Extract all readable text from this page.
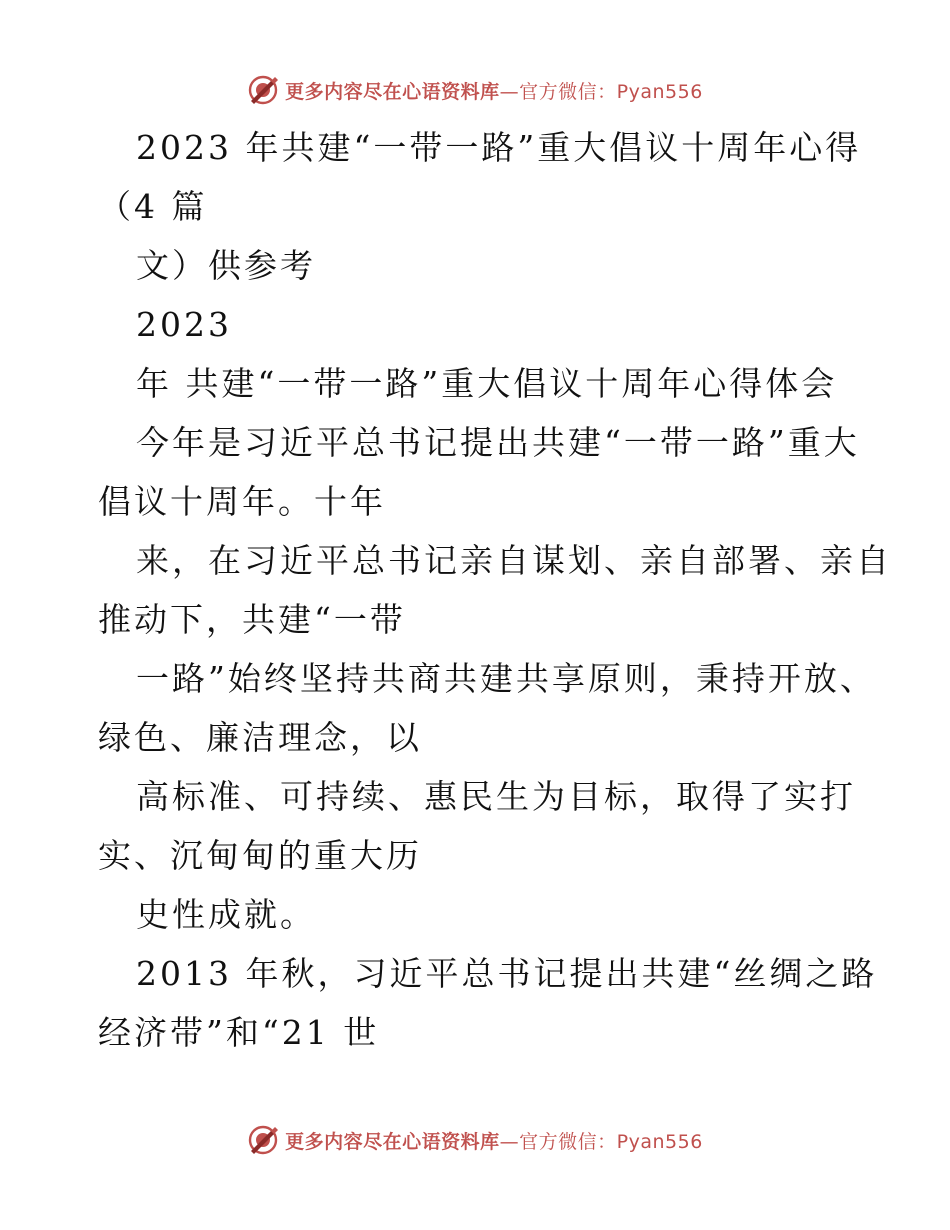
更多内容尽在心语资料库—官方微信：Pyan556
2023 年共建“一带一路”重大倡议十周年心得
（4 篇
文）供参考
2023
年 共建“一带一路”重大倡议十周年心得体会
今年是习近平总书记提出共建“一带一路”重大
倡议十周年。十年
来，在习近平总书记亲自谋划、亲自部署、亲自
推动下，共建“一带
一路”始终坚持共商共建共享原则，秉持开放、
绿色、廉洁理念，以
高标准、可持续、惠民生为目标，取得了实打
实、沉甸甸的重大历
史性成就。
2013 年秋，习近平总书记提出共建“丝绸之路
经济带”和“21 世
更多内容尽在心语资料库—官方微信：Pyan556
